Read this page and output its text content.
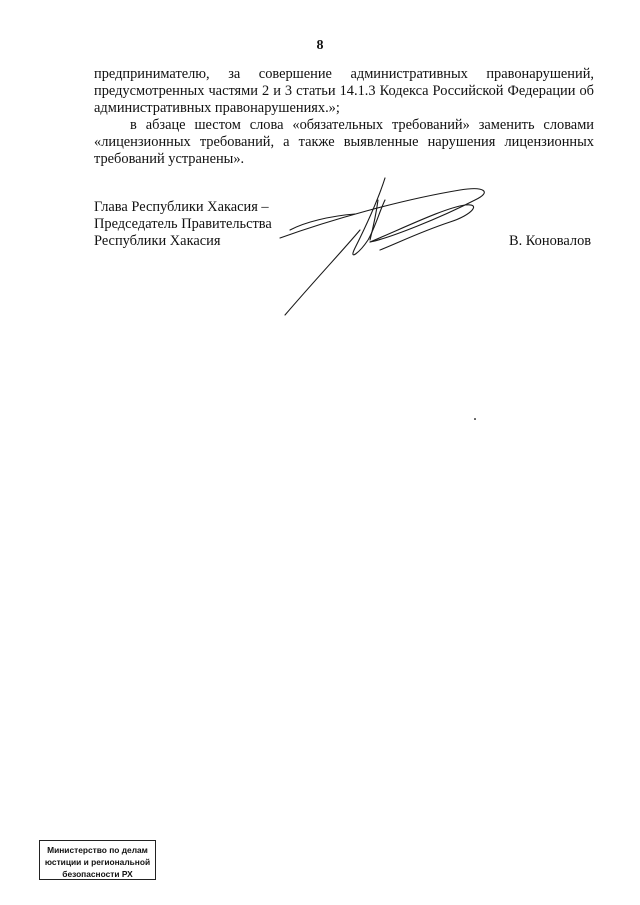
8

предпринимателю, за совершение административных правонарушений, предусмотренных частями 2 и 3 статьи 14.1.3 Кодекса Российской Федерации об административных правонарушениях.»;

в абзаце шестом слова «обязательных требований» заменить словами «лицензионных требований, а также выявленные нарушения лицензионных требований устранены».

Глава Республики Хакасия –
Председатель Правительства
Республики Хакасия	В. Коновалов
Министерство по делам
юстиции и региональной
безопасности РХ
